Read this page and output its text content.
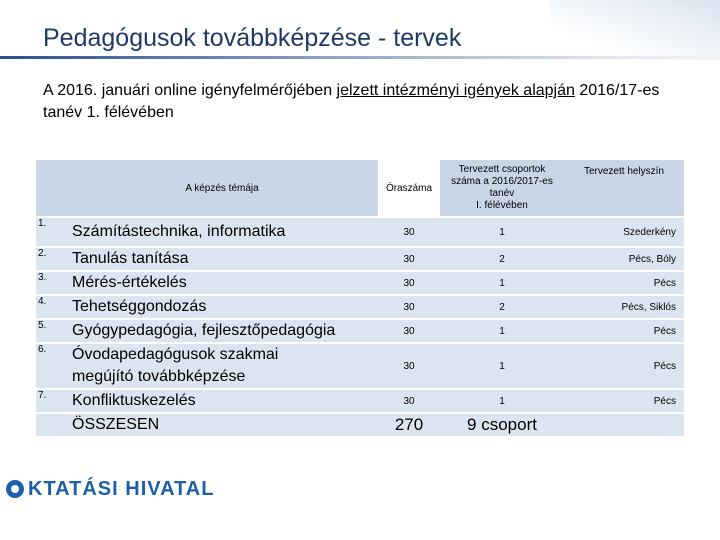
Pedagógusok továbbképzése - tervek
A 2016. januári online igényfelmérőjében jelzett intézményi igények alapján 2016/17-es tanév 1. félévében
	A képzés témája	Óraszáma	Tervezett csoportok
száma a 2016/2017-es
tanév
I. félévében	Tervezett helyszín
1.	Számítástechnika, informatika	30	1	Szederkény
2.	Tanulás tanítása	30	2	Pécs, Bóly
3.	Mérés-értékelés	30	1	Pécs
4.	Tehetséggondozás	30	2	Pécs, Siklós
5.	Gyógypedagógia, fejlesztőpedagógia	30	1	Pécs
6.	Óvodapedagógusok szakmai
megújító továbbképzése	30	1	Pécs
7.	Konfliktuskezelés	30	1	Pécs
	ÖSSZESEN	270	9 csoport	
KTATÁSI HIVATAL
